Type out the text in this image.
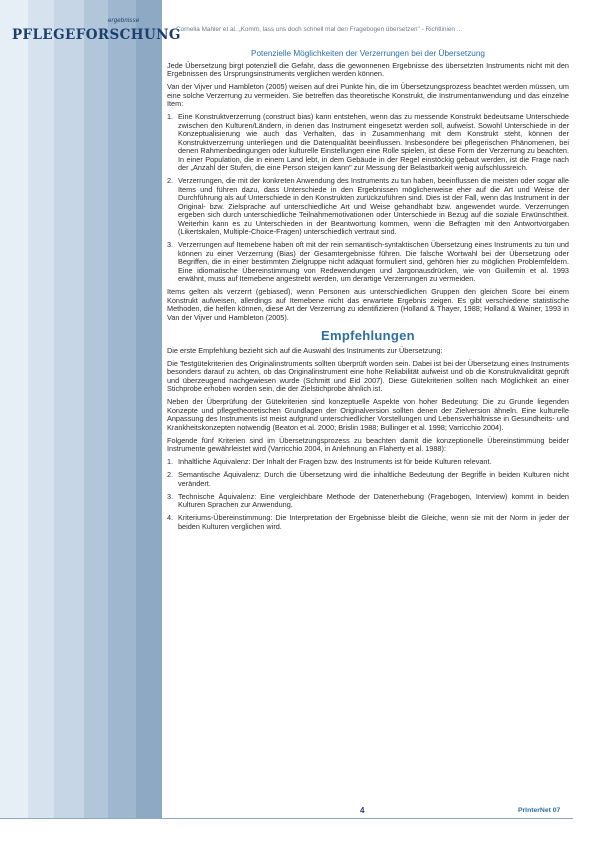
ergebnisse
PFLEGEFORSCHUNG
Cornelia Mahler et al. „Komm, lass uns doch schnell mal den Fragebogen übersetzen" - Richtlinien ...
Potenzielle Möglichkeiten der Verzerrungen bei der Übersetzung

Jede Übersetzung birgt potenziell die Gefahr, dass die gewonnenen Ergebnisse des übersetzten Instruments nicht mit den Ergebnissen des Ursprungsinstruments verglichen werden können.

Van der Vijver und Hambleton (2005) weisen auf drei Punkte hin, die im Übersetzungsprozess beachtet werden müssen, um eine solche Verzerrung zu vermeiden. Sie betreffen das theoretische Konstrukt, die Instrumentanwendung und das einzelne Item:

1. Eine Konstruktverzerrung (construct bias) kann entstehen, wenn das zu messende Konstrukt bedeutsame Unterschiede zwischen den Kulturen/Ländern, in denen das Instrument eingesetzt werden soll, aufweist. Sowohl Unterschiede in der Konzeptualisierung wie auch das Verhalten, das in Zusammenhang mit dem Konstrukt steht, können der Konstruktverzerrung unterliegen und die Datenqualität beeinflussen. Insbesondere bei pflegerischen Phänomenen, bei denen Rahmenbedingungen oder kulturelle Einstellungen eine Rolle spielen, ist diese Form der Verzerrung zu beachten. In einer Population, die in einem Land lebt, in dem Gebäude in der Regel einstöckig gebaut werden, ist die Frage nach der „Anzahl der Stufen, die eine Person steigen kann" zur Messung der Belastbarkeit wenig aufschlussreich.
2. Verzerrungen, die mit der konkreten Anwendung des Instruments zu tun haben, beeinflussen die meisten oder sogar alle Items und führen dazu, dass Unterschiede in den Ergebnissen möglicherweise eher auf die Art und Weise der Durchführung als auf Unterschiede in den Konstrukten zurückzuführen sind. Dies ist der Fall, wenn das Instrument in der Original- bzw. Zielsprache auf unterschiedliche Art und Weise gehandhabt bzw. angewendet wurde. Verzerrungen ergeben sich durch unterschiedliche Teilnahmemotivationen oder Unterschiede in Bezug auf die soziale Erwünschtheit. Weiterhin kann es zu Unterschieden in der Beantwortung kommen, wenn die Befragten mit den Antwortvorgaben (Likertskalen, Multiple-Choice-Fragen) unterschiedlich vertraut sind.
3. Verzerrungen auf Itemebene haben oft mit der rein semantisch-syntaktischen Übersetzung eines Instruments zu tun und können zu einer Verzerrung (Bias) der Gesamtergebnisse führen. Die falsche Wortwahl bei der Übersetzung oder Begriffen, die in einer bestimmten Zielgruppe nicht adäquat formuliert sind, gehören hier zu möglichen Problemfeldern. Eine idiomatische Übereinstimmung von Redewendungen und Jargonausdrücken, wie von Guillemin et al. 1993 erwähnt, muss auf Itemebene angestrebt werden, um derartige Verzerrungen zu vermeiden.

Items gelten als verzerrt (gebiased), wenn Personen aus unterschiedlichen Gruppen den gleichen Score bei einem Konstrukt aufweisen, allerdings auf Itemebene nicht das erwartete Ergebnis zeigen. Es gibt verschiedene statistische Methoden, die helfen können, diese Art der Verzerrung zu identifizieren (Holland & Thayer, 1988; Holland & Wainer, 1993 in Van der Vijver und Hambleton (2005).

Empfehlungen

Die erste Empfehlung bezieht sich auf die Auswahl des Instruments zur Übersetzung:

Die Testgütekriterien des Originalinstruments sollten überprüft worden sein. Dabei ist bei der Übersetzung eines Instruments besonders darauf zu achten, ob das Originalinstrument eine hohe Reliabilität aufweist und ob die Konstruktvalidität geprüft und überzeugend nachgewiesen wurde (Schmitt und Eid 2007). Diese Gütekriterien sollten nach Möglichkeit an einer Stichprobe erhoben worden sein, die der Zielstichprobe ähnlich ist.

Neben der Überprüfung der Gütekriterien sind konzeptuelle Aspekte von hoher Bedeutung: Die zu Grunde liegenden Konzepte und pflegetheoretischen Grundlagen der Originalversion sollten denen der Zielversion ähneln. Eine kulturelle Anpassung des Instruments ist meist aufgrund unterschiedlicher Vorstellungen und Lebensverhältnisse in Gesundheits- und Krankheitskonzepten notwendig (Beaton et al. 2000; Brislin 1988; Bullinger et al. 1998; Varricchio 2004).

Folgende fünf Kriterien sind im Übersetzungsprozess zu beachten damit die konzeptionelle Übereinstimmung beider Instrumente gewährleistet wird (Varricchio 2004, in Anlehnung an Flaherty et al. 1988):

1. Inhaltliche Äquivalenz: Der Inhalt der Fragen bzw. des Instruments ist für beide Kulturen relevant.
2. Semantische Äquivalenz: Durch die Übersetzung wird die inhaltliche Bedeutung der Begriffe in beiden Kulturen nicht verändert.
3. Technische Äquivalenz: Eine vergleichbare Methode der Datenerhebung (Fragebogen, Interview) kommt in beiden Kulturen Sprachen zur Anwendung.
4. Kriteriums-Übereinstimmung: Die Interpretation der Ergebnisse bleibt die Gleiche, wenn sie mit der Norm in jeder der beiden Kulturen verglichen wird.
4	PrInterNet 07
